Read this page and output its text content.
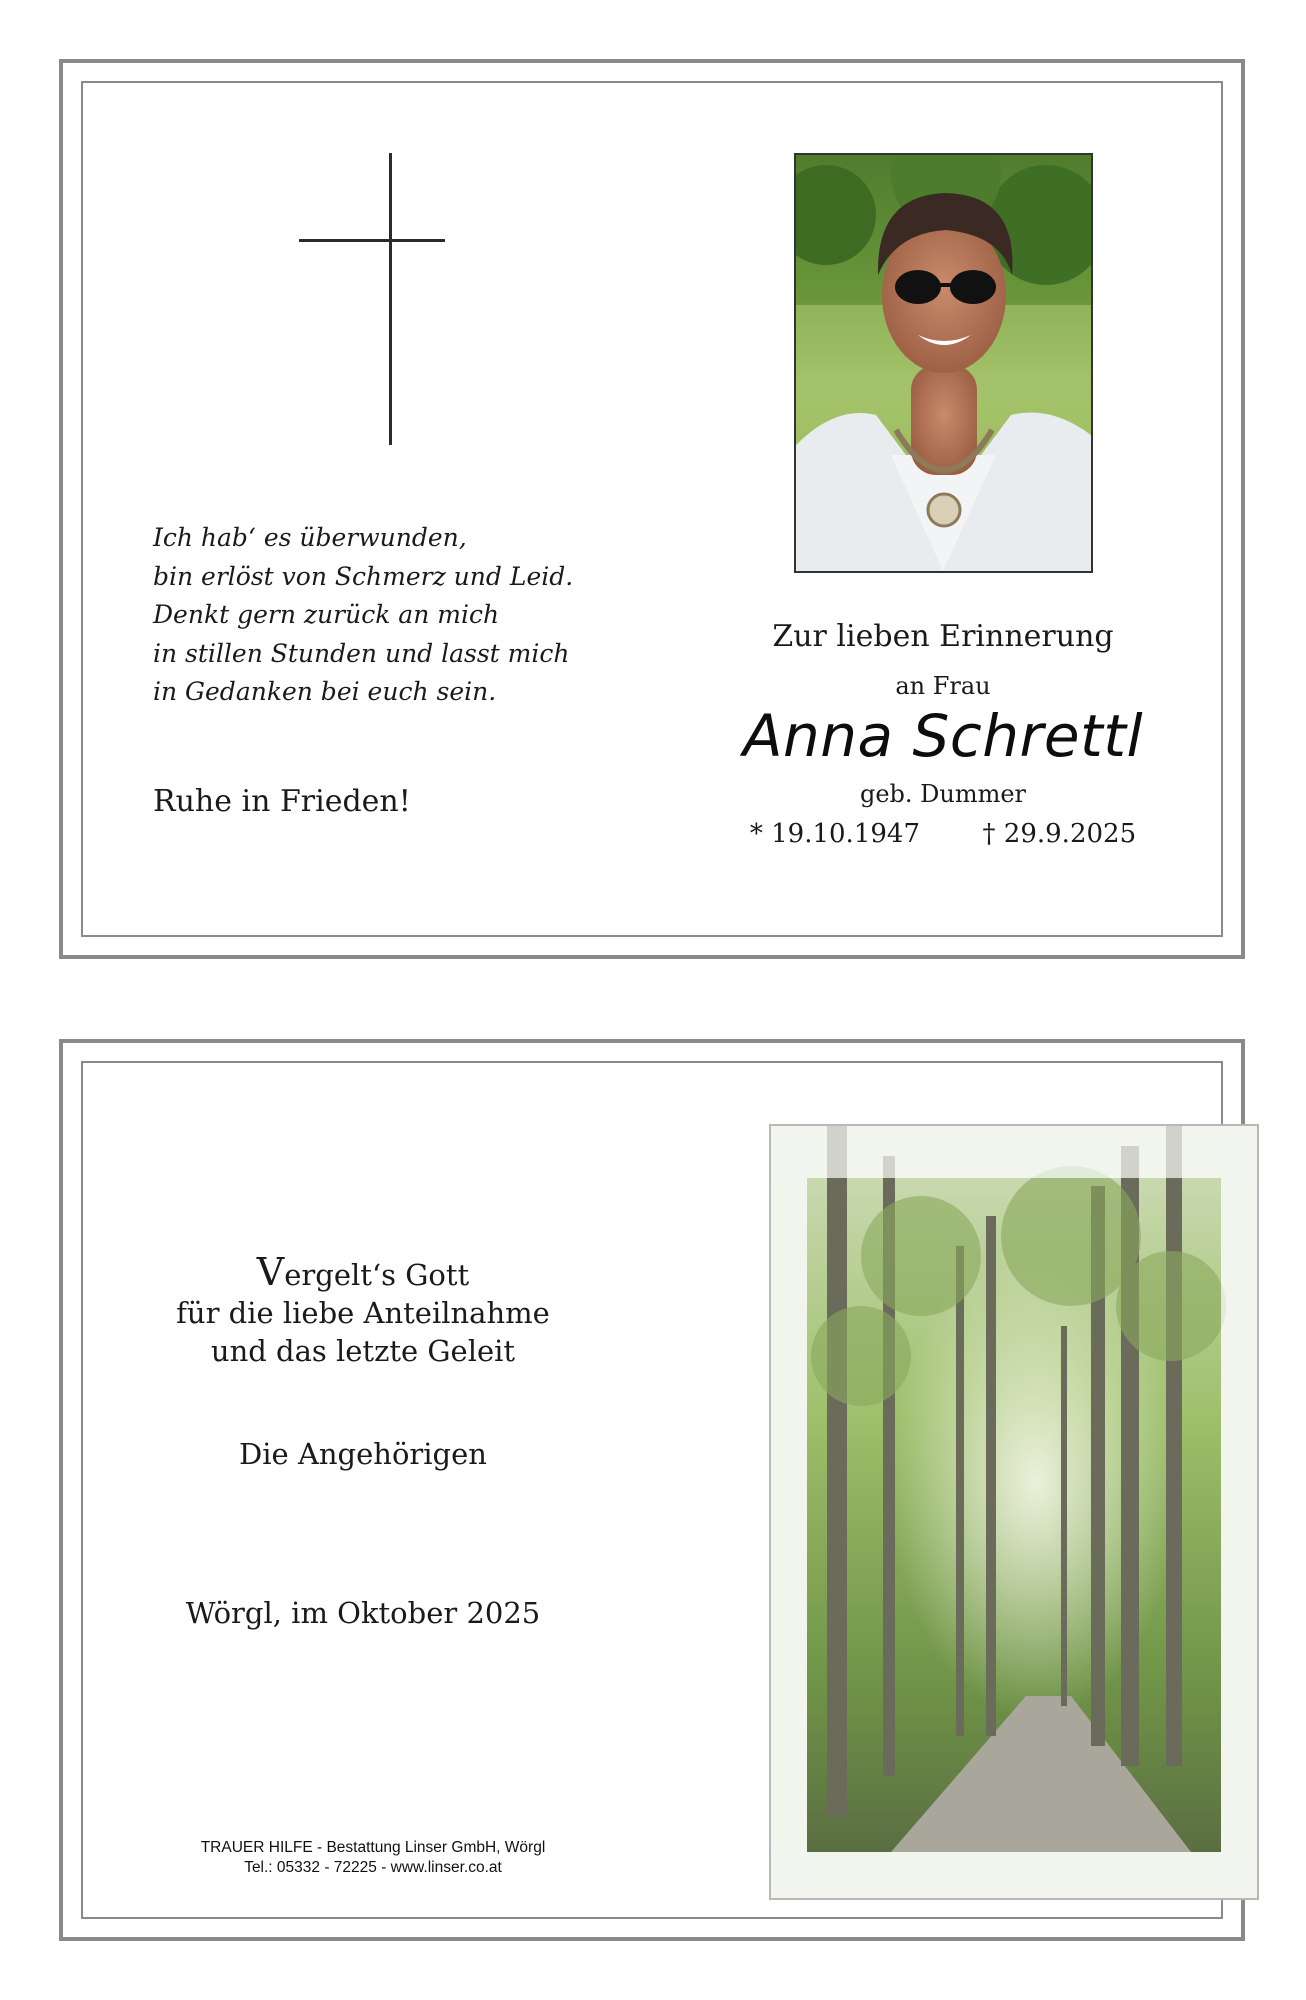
Ich hab‘ es überwunden,
bin erlöst von Schmerz und Leid.
Denkt gern zurück an mich
in stillen Stunden und lasst mich
in Gedanken bei euch sein.
Ruhe in Frieden!
Zur lieben Erinnerung
an Frau
Anna Schrettl
geb. Dummer
* 19.10.1947 † 29.9.2025
Vergelt‘s Gott
für die liebe Anteilnahme
und das letzte Geleit
Die Angehörigen
Wörgl, im Oktober 2025
TRAUER HILFE - Bestattung Linser GmbH, Wörgl
Tel.: 05332 - 72225 - www.linser.co.at
